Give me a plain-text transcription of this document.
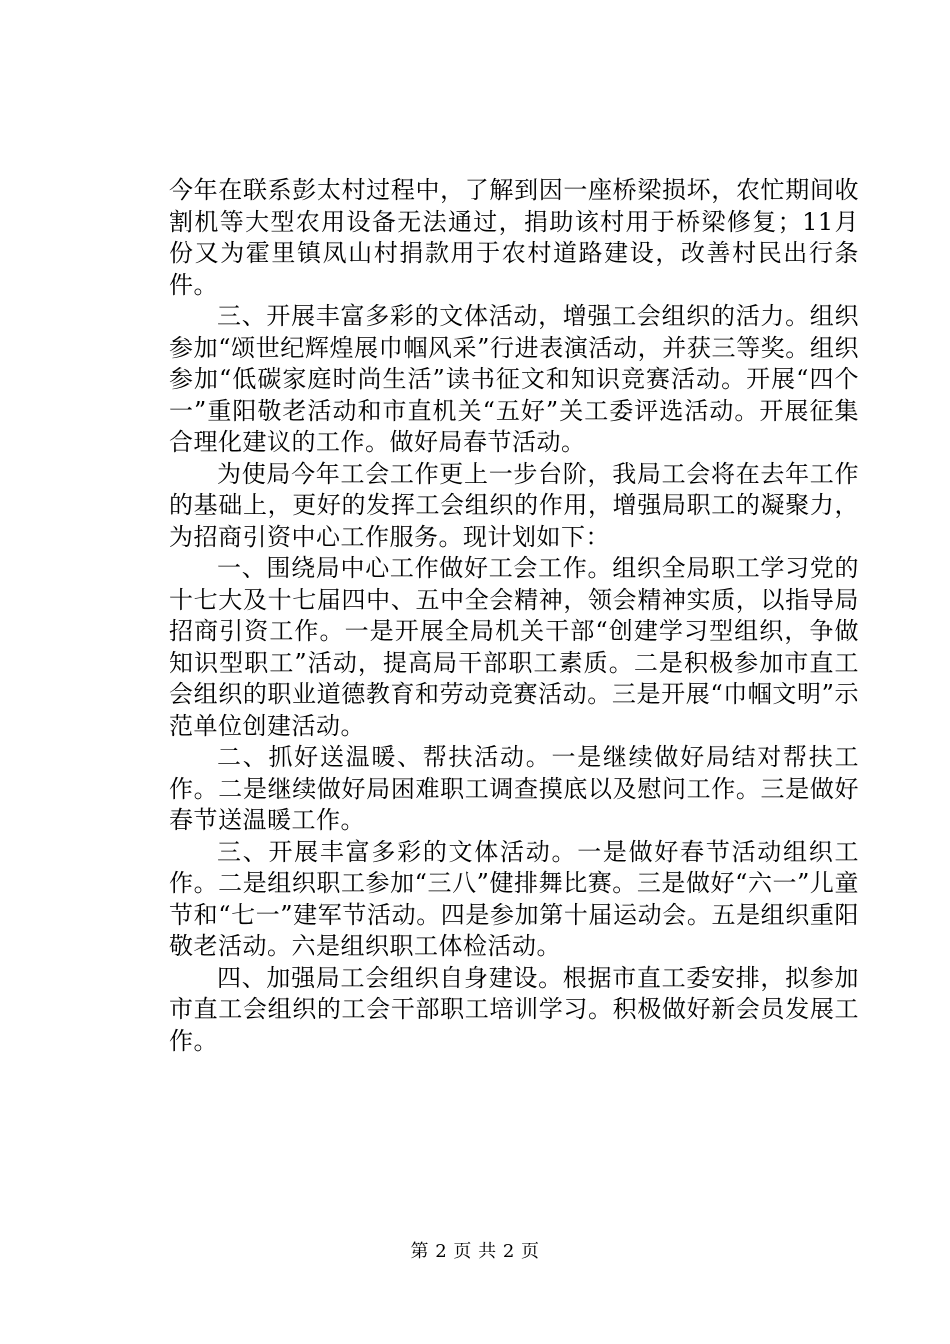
今年在联系彭太村过程中，了解到因一座桥梁损坏，农忙期间收割机等大型农用设备无法通过，捐助该村用于桥梁修复；11月份又为霍里镇凤山村捐款用于农村道路建设，改善村民出行条件。

三、开展丰富多彩的文体活动，增强工会组织的活力。组织参加“颂世纪辉煌展巾帼风采”行进表演活动，并获三等奖。组织参加“低碳家庭时尚生活”读书征文和知识竞赛活动。开展“四个一”重阳敬老活动和市直机关“五好”关工委评选活动。开展征集合理化建议的工作。做好局春节活动。

为使局今年工会工作更上一步台阶，我局工会将在去年工作的基础上，更好的发挥工会组织的作用，增强局职工的凝聚力，为招商引资中心工作服务。现计划如下：

一、围绕局中心工作做好工会工作。组织全局职工学习党的十七大及十七届四中、五中全会精神，领会精神实质，以指导局招商引资工作。一是开展全局机关干部“创建学习型组织，争做知识型职工”活动，提高局干部职工素质。二是积极参加市直工会组织的职业道德教育和劳动竞赛活动。三是开展“巾帼文明”示范单位创建活动。

二、抓好送温暖、帮扶活动。一是继续做好局结对帮扶工作。二是继续做好局困难职工调查摸底以及慰问工作。三是做好春节送温暖工作。

三、开展丰富多彩的文体活动。一是做好春节活动组织工作。二是组织职工参加“三八”健排舞比赛。三是做好“六一”儿童节和“七一”建军节活动。四是参加第十届运动会。五是组织重阳敬老活动。六是组织职工体检活动。

四、加强局工会组织自身建设。根据市直工委安排，拟参加市直工会组织的工会干部职工培训学习。积极做好新会员发展工作。

第 2 页 共 2 页
